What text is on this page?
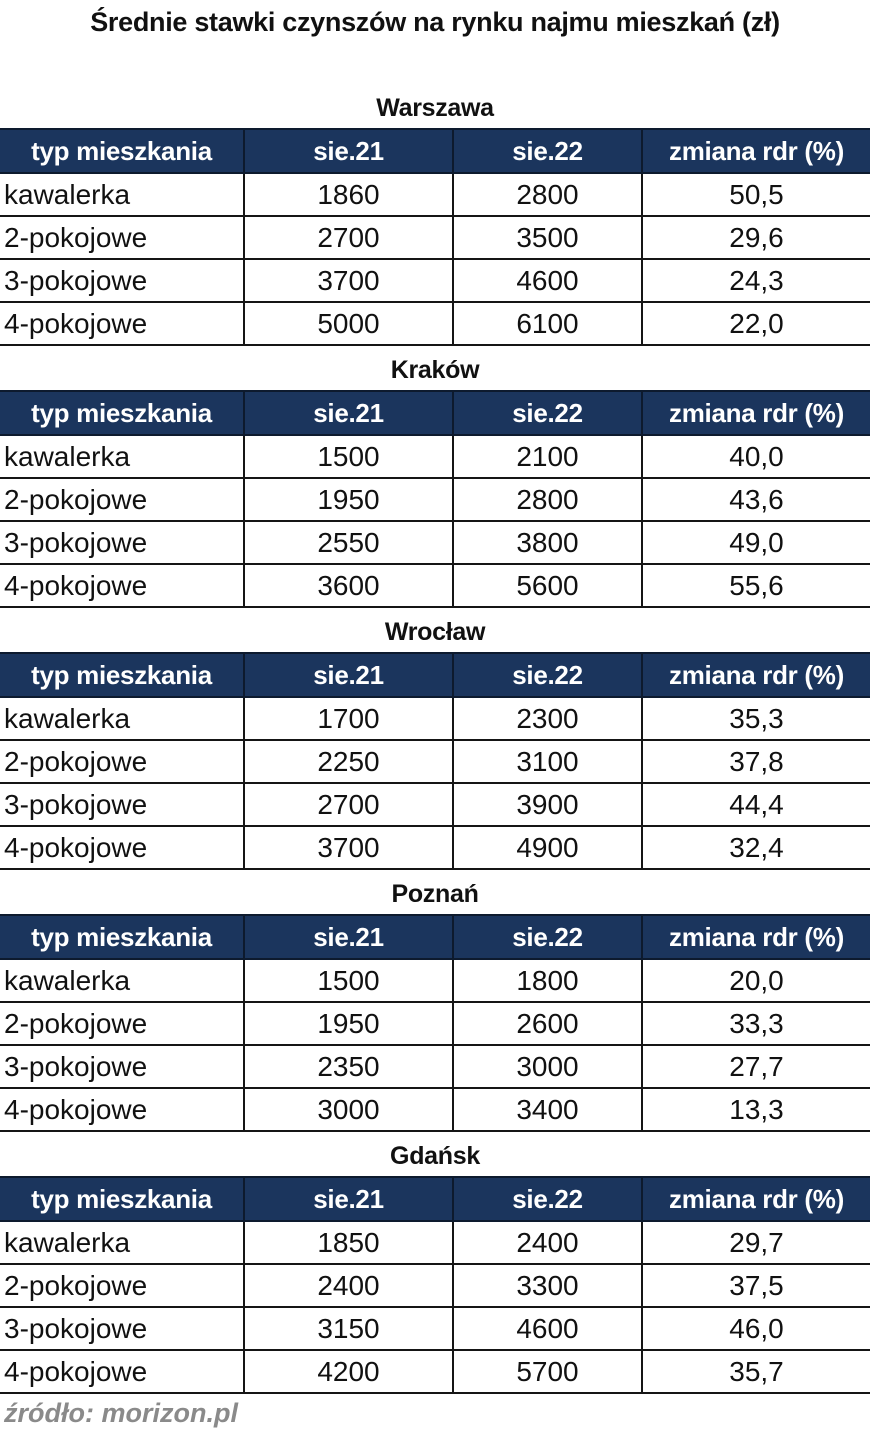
Średnie stawki czynszów na rynku najmu mieszkań (zł)
Warszawa
typ mieszkania	sie.21	sie.22	zmiana rdr (%)
kawalerka	1860	2800	50,5
2-pokojowe	2700	3500	29,6
3-pokojowe	3700	4600	24,3
4-pokojowe	5000	6100	22,0
Kraków
typ mieszkania	sie.21	sie.22	zmiana rdr (%)
kawalerka	1500	2100	40,0
2-pokojowe	1950	2800	43,6
3-pokojowe	2550	3800	49,0
4-pokojowe	3600	5600	55,6
Wrocław
typ mieszkania	sie.21	sie.22	zmiana rdr (%)
kawalerka	1700	2300	35,3
2-pokojowe	2250	3100	37,8
3-pokojowe	2700	3900	44,4
4-pokojowe	3700	4900	32,4
Poznań
typ mieszkania	sie.21	sie.22	zmiana rdr (%)
kawalerka	1500	1800	20,0
2-pokojowe	1950	2600	33,3
3-pokojowe	2350	3000	27,7
4-pokojowe	3000	3400	13,3
Gdańsk
typ mieszkania	sie.21	sie.22	zmiana rdr (%)
kawalerka	1850	2400	29,7
2-pokojowe	2400	3300	37,5
3-pokojowe	3150	4600	46,0
4-pokojowe	4200	5700	35,7
źródło: morizon.pl
